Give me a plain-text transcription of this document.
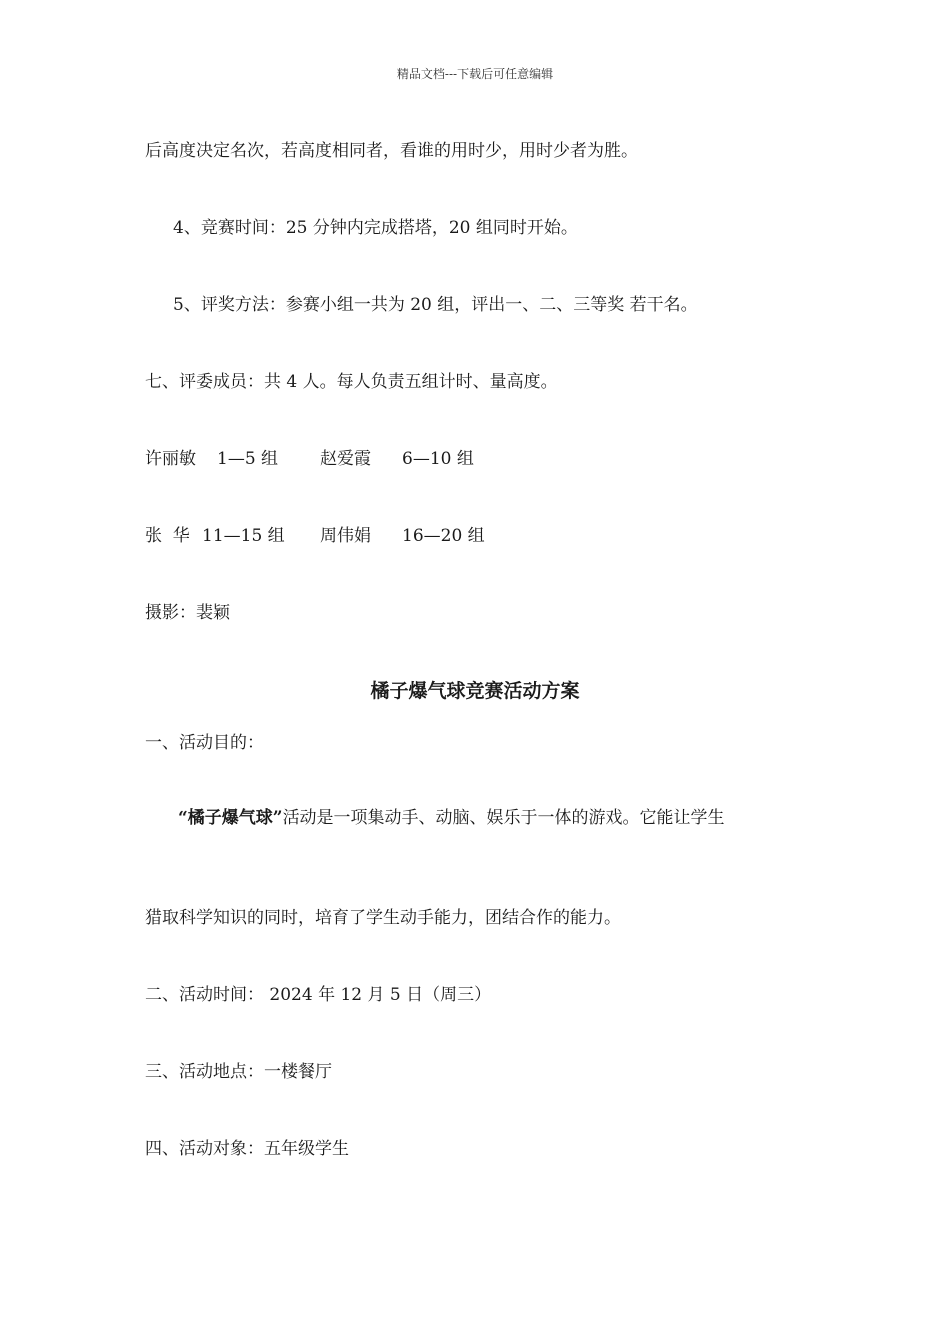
精品文档---下载后可任意编辑
后高度决定名次，若高度相同者，看谁的用时少，用时少者为胜。
4、竞赛时间：25 分钟内完成搭塔，20 组同时开始。
5、评奖方法：参赛小组一共为 20 组，评出一、二、三等奖 若干名。
七、评委成员：共 4 人。每人负责五组计时、量高度。
许丽敏 1—5 组 赵爱霞 6—10 组
张  华 11—15 组 周伟娟 16—20 组
摄影：裴颖
橘子爆气球竞赛活动方案
一、活动目的：
“橘子爆气球”活动是一项集动手、动脑、娱乐于一体的游戏。它能让学生
猎取科学知识的同时，培育了学生动手能力，团结合作的能力。
二、活动时间： 2024 年 12 月 5 日（周三）
三、活动地点：一楼餐厅
四、活动对象：五年级学生
